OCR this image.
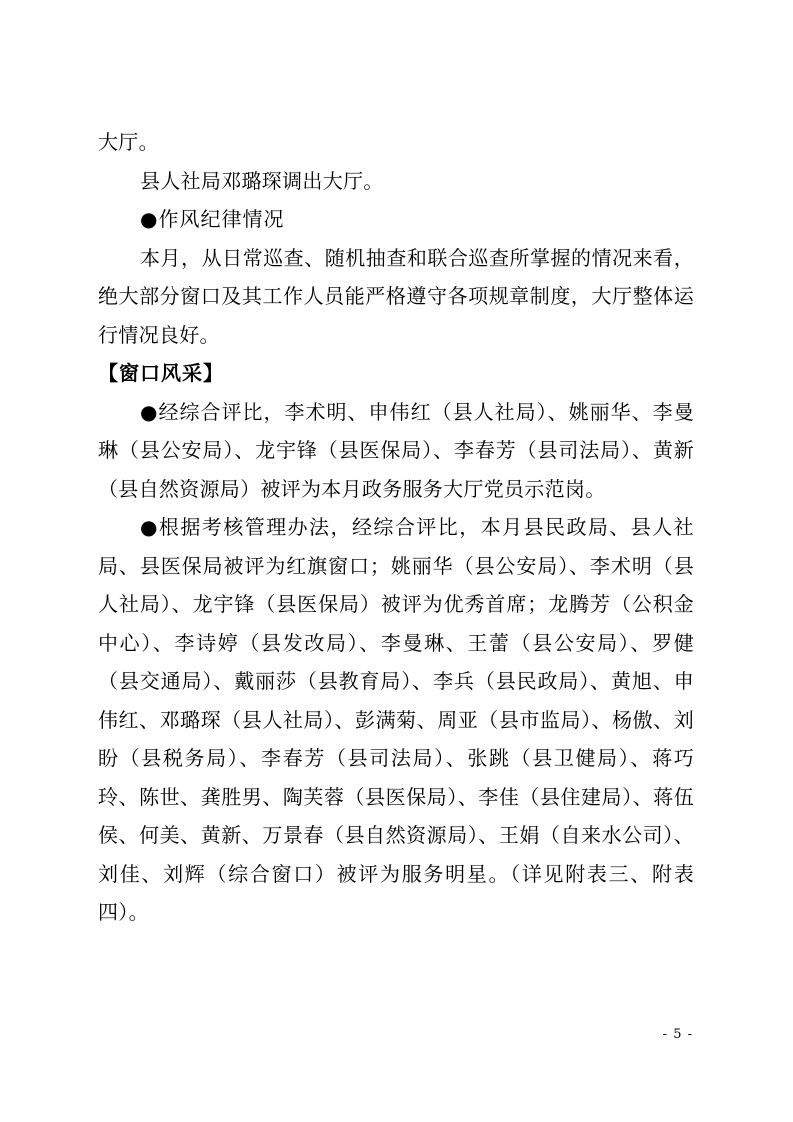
大厅。

县人社局邓璐琛调出大厅。

●作风纪律情况

本月，从日常巡查、随机抽查和联合巡查所掌握的情况来看，绝大部分窗口及其工作人员能严格遵守各项规章制度，大厅整体运行情况良好。

【窗口风采】

●经综合评比，李术明、申伟红（县人社局）、姚丽华、李曼琳（县公安局）、龙宇锋（县医保局）、李春芳（县司法局）、黄新（县自然资源局）被评为本月政务服务大厅党员示范岗。

●根据考核管理办法，经综合评比，本月县民政局、县人社局、县医保局被评为红旗窗口；姚丽华（县公安局）、李术明（县人社局）、龙宇锋（县医保局）被评为优秀首席；龙腾芳（公积金中心）、李诗婷（县发改局）、李曼琳、王蕾（县公安局）、罗健（县交通局）、戴丽莎（县教育局）、李兵（县民政局）、黄旭、申伟红、邓璐琛（县人社局）、彭满菊、周亚（县市监局）、杨傲、刘盼（县税务局）、李春芳（县司法局）、张跳（县卫健局）、蒋巧玲、陈世、龚胜男、陶芙蓉（县医保局）、李佳（县住建局）、蒋伍侯、何美、黄新、万景春（县自然资源局）、王娟（自来水公司）、刘佳、刘辉（综合窗口）被评为服务明星。（详见附表三、附表四）。

- 5 -
